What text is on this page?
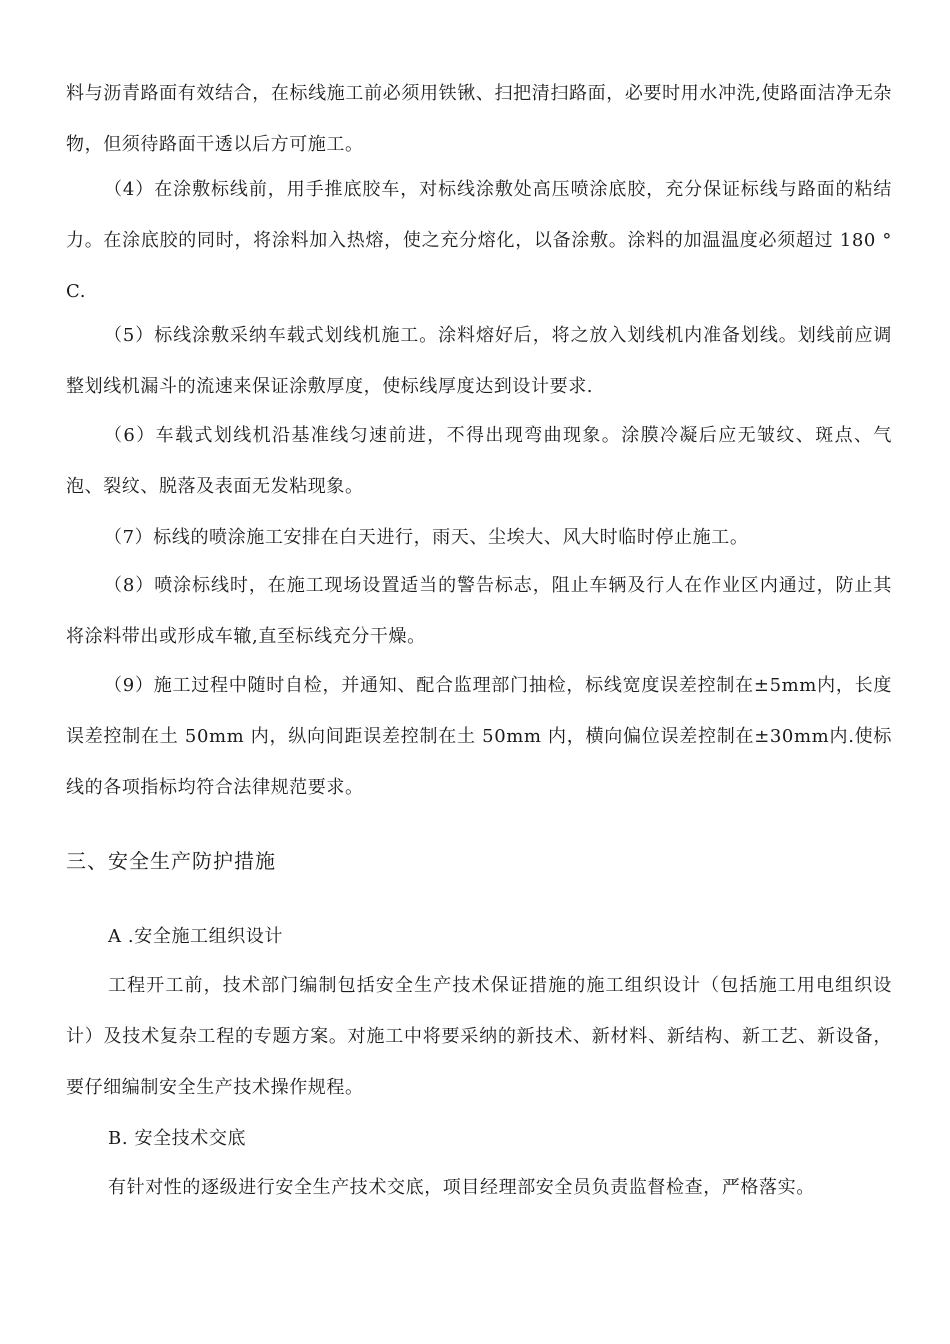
料与沥青路面有效结合，在标线施工前必须用铁锹、扫把清扫路面，必要时用水冲洗,使路面洁净无杂物，但须待路面干透以后方可施工。

（4）在涂敷标线前，用手推底胶车，对标线涂敷处高压喷涂底胶，充分保证标线与路面的粘结力。在涂底胶的同时，将涂料加入热熔，使之充分熔化，以备涂敷。涂料的加温温度必须超过 180 ° C.

（5）标线涂敷采纳车载式划线机施工。涂料熔好后，将之放入划线机内准备划线。划线前应调整划线机漏斗的流速来保证涂敷厚度，使标线厚度达到设计要求.

（6）车载式划线机沿基准线匀速前进，不得出现弯曲现象。涂膜冷凝后应无皱纹、斑点、气泡、裂纹、脱落及表面无发粘现象。

（7）标线的喷涂施工安排在白天进行，雨天、尘埃大、风大时临时停止施工。

（8）喷涂标线时，在施工现场设置适当的警告标志，阻止车辆及行人在作业区内通过，防止其将涂料带出或形成车辙,直至标线充分干燥。

（9）施工过程中随时自检，并通知、配合监理部门抽检，标线宽度误差控制在±5mm内，长度误差控制在土 50mm 内，纵向间距误差控制在土 50mm 内，横向偏位误差控制在±30mm内.使标线的各项指标均符合法律规范要求。

三、安全生产防护措施
A .安全施工组织设计

工程开工前，技术部门编制包括安全生产技术保证措施的施工组织设计（包括施工用电组织设计）及技术复杂工程的专题方案。对施工中将要采纳的新技术、新材料、新结构、新工艺、新设备，要仔细编制安全生产技术操作规程。

B. 安全技术交底

有针对性的逐级进行安全生产技术交底，项目经理部安全员负责监督检查，严格落实。
